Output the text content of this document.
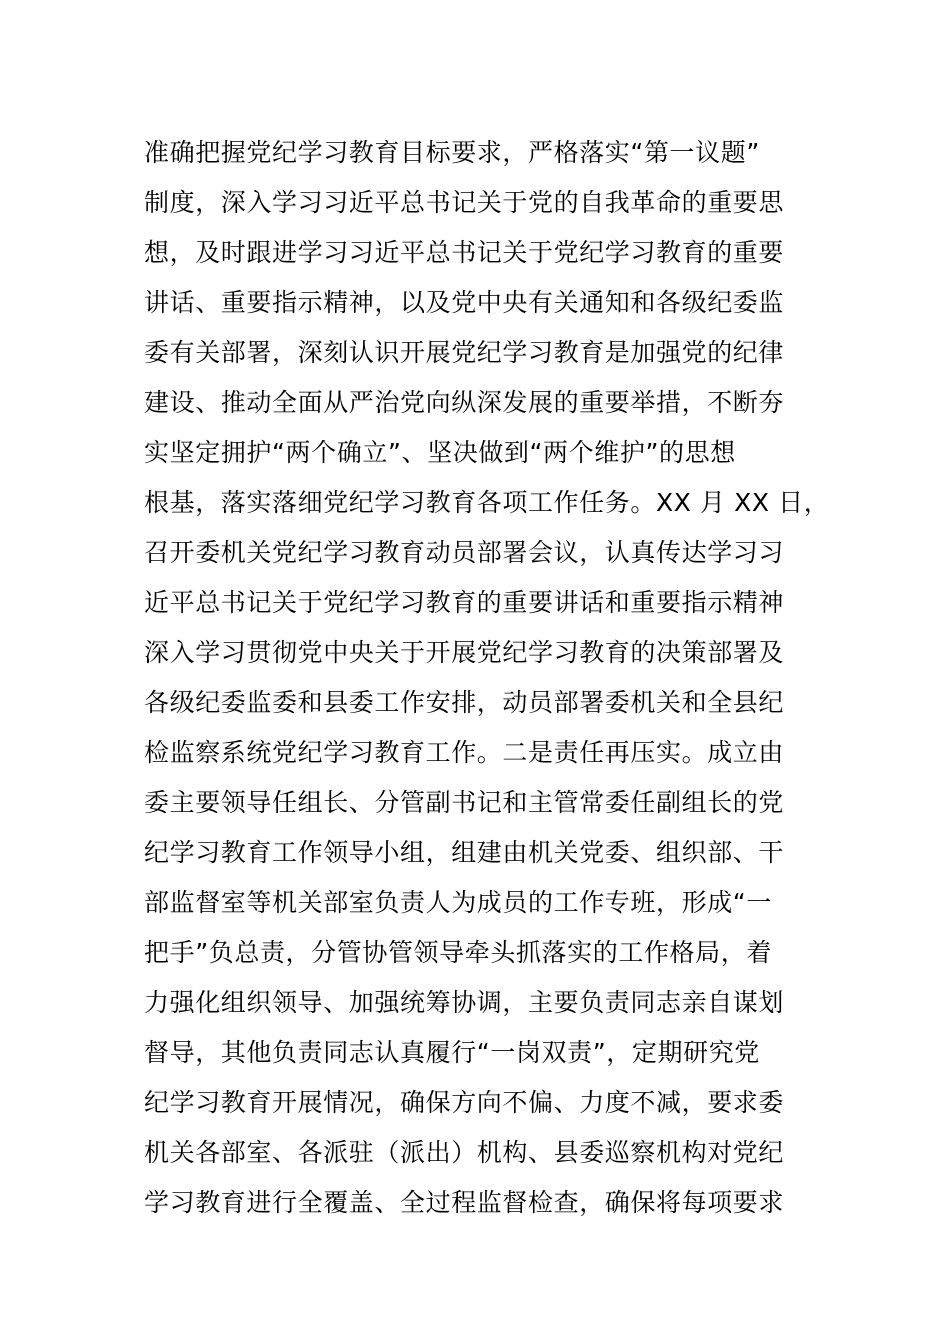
准确把握党纪学习教育目标要求，严格落实“第一议题”
制度，深入学习习近平总书记关于党的自我革命的重要思
想，及时跟进学习习近平总书记关于党纪学习教育的重要
讲话、重要指示精神，以及党中央有关通知和各级纪委监
委有关部署，深刻认识开展党纪学习教育是加强党的纪律
建设、推动全面从严治党向纵深发展的重要举措，不断夯
实坚定拥护“两个确立”、坚决做到“两个维护”的思想
根基，落实落细党纪学习教育各项工作任务。XX 月 XX 日，
召开委机关党纪学习教育动员部署会议，认真传达学习习
近平总书记关于党纪学习教育的重要讲话和重要指示精神
深入学习贯彻党中央关于开展党纪学习教育的决策部署及
各级纪委监委和县委工作安排，动员部署委机关和全县纪
检监察系统党纪学习教育工作。二是责任再压实。成立由
委主要领导任组长、分管副书记和主管常委任副组长的党
纪学习教育工作领导小组，组建由机关党委、组织部、干
部监督室等机关部室负责人为成员的工作专班，形成“一
把手”负总责，分管协管领导牵头抓落实的工作格局，着
力强化组织领导、加强统筹协调，主要负责同志亲自谋划
督导，其他负责同志认真履行“一岗双责”，定期研究党
纪学习教育开展情况，确保方向不偏、力度不减，要求委
机关各部室、各派驻（派出）机构、县委巡察机构对党纪
学习教育进行全覆盖、全过程监督检查，确保将每项要求
